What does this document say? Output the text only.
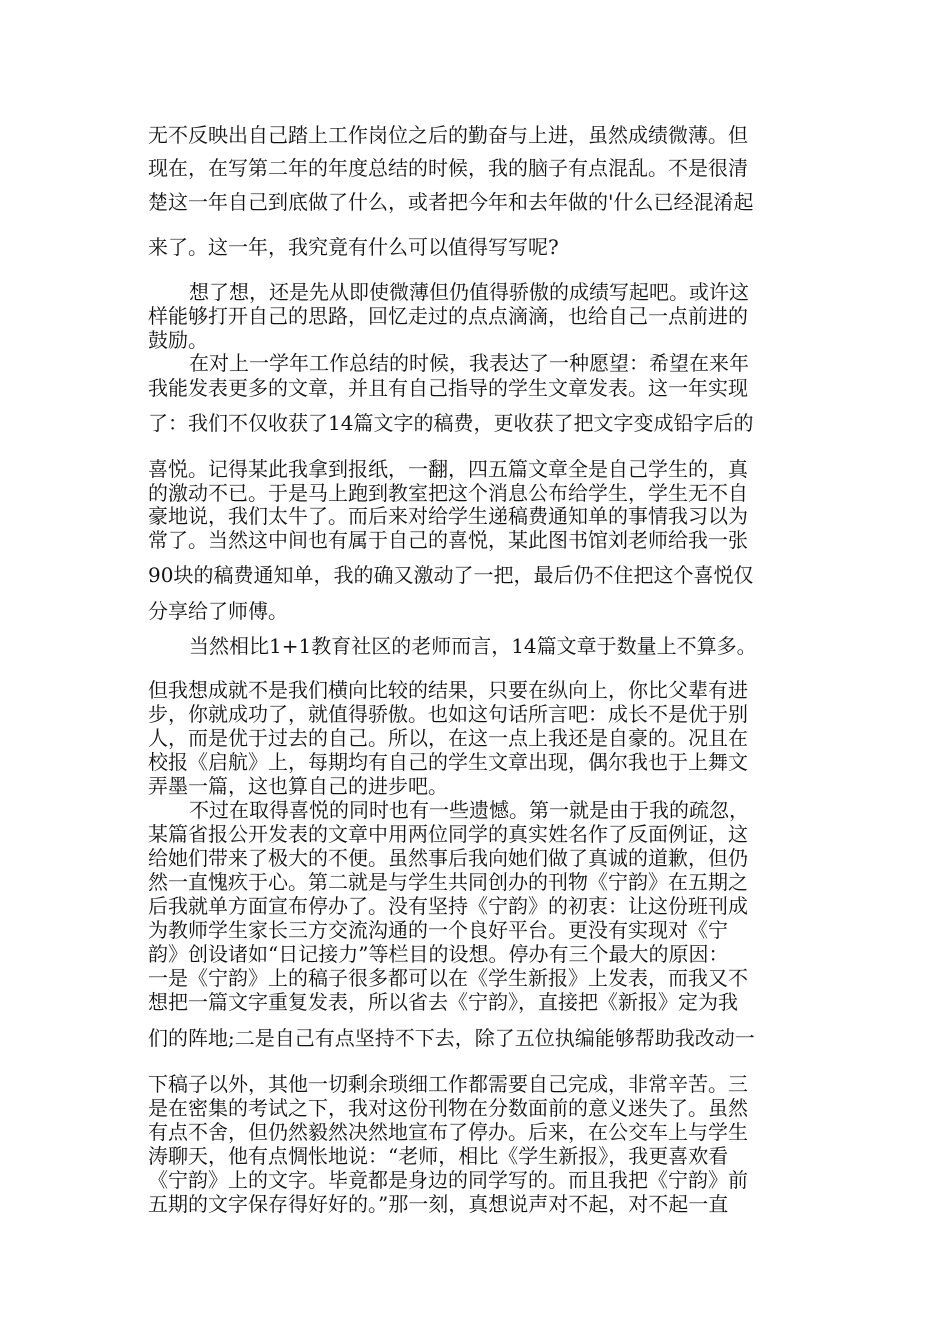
无不反映出自己踏上工作岗位之后的勤奋与上进，虽然成绩微薄。但
现在，在写第二年的年度总结的时候，我的脑子有点混乱。不是很清
楚这一年自己到底做了什么，或者把今年和去年做的'什么已经混淆起
来了。这一年，我究竟有什么可以值得写写呢?
想了想，还是先从即使微薄但仍值得骄傲的成绩写起吧。或许这
样能够打开自己的思路，回忆走过的点点滴滴，也给自己一点前进的
鼓励。
在对上一学年工作总结的时候，我表达了一种愿望：希望在来年
我能发表更多的文章，并且有自己指导的学生文章发表。这一年实现
了：我们不仅收获了14篇文字的稿费，更收获了把文字变成铅字后的
喜悦。记得某此我拿到报纸，一翻，四五篇文章全是自己学生的，真
的激动不已。于是马上跑到教室把这个消息公布给学生，学生无不自
豪地说，我们太牛了。而后来对给学生递稿费通知单的事情我习以为
常了。当然这中间也有属于自己的喜悦，某此图书馆刘老师给我一张
90块的稿费通知单，我的确又激动了一把，最后仍不住把这个喜悦仅
分享给了师傅。
当然相比1+1教育社区的老师而言，14篇文章于数量上不算多。
但我想成就不是我们横向比较的结果，只要在纵向上，你比父辈有进
步，你就成功了，就值得骄傲。也如这句话所言吧：成长不是优于别
人，而是优于过去的自己。所以，在这一点上我还是自豪的。况且在
校报《启航》上，每期均有自己的学生文章出现，偶尔我也于上舞文
弄墨一篇，这也算自己的进步吧。
不过在取得喜悦的同时也有一些遗憾。第一就是由于我的疏忽，
某篇省报公开发表的文章中用两位同学的真实姓名作了反面例证，这
给她们带来了极大的不便。虽然事后我向她们做了真诚的道歉，但仍
然一直愧疚于心。第二就是与学生共同创办的刊物《宁韵》在五期之
后我就单方面宣布停办了。没有坚持《宁韵》的初衷：让这份班刊成
为教师学生家长三方交流沟通的一个良好平台。更没有实现对《宁
韵》创设诸如“日记接力”等栏目的设想。停办有三个最大的原因：
一是《宁韵》上的稿子很多都可以在《学生新报》上发表，而我又不
想把一篇文字重复发表，所以省去《宁韵》，直接把《新报》定为我
们的阵地;二是自己有点坚持不下去，除了五位执编能够帮助我改动一
下稿子以外，其他一切剩余琐细工作都需要自己完成，非常辛苦。三
是在密集的考试之下，我对这份刊物在分数面前的意义迷失了。虽然
有点不舍，但仍然毅然决然地宣布了停办。后来，在公交车上与学生
涛聊天，他有点惆怅地说：“老师，相比《学生新报》，我更喜欢看
《宁韵》上的文字。毕竟都是身边的同学写的。而且我把《宁韵》前
五期的文字保存得好好的。”那一刻，真想说声对不起，对不起一直
